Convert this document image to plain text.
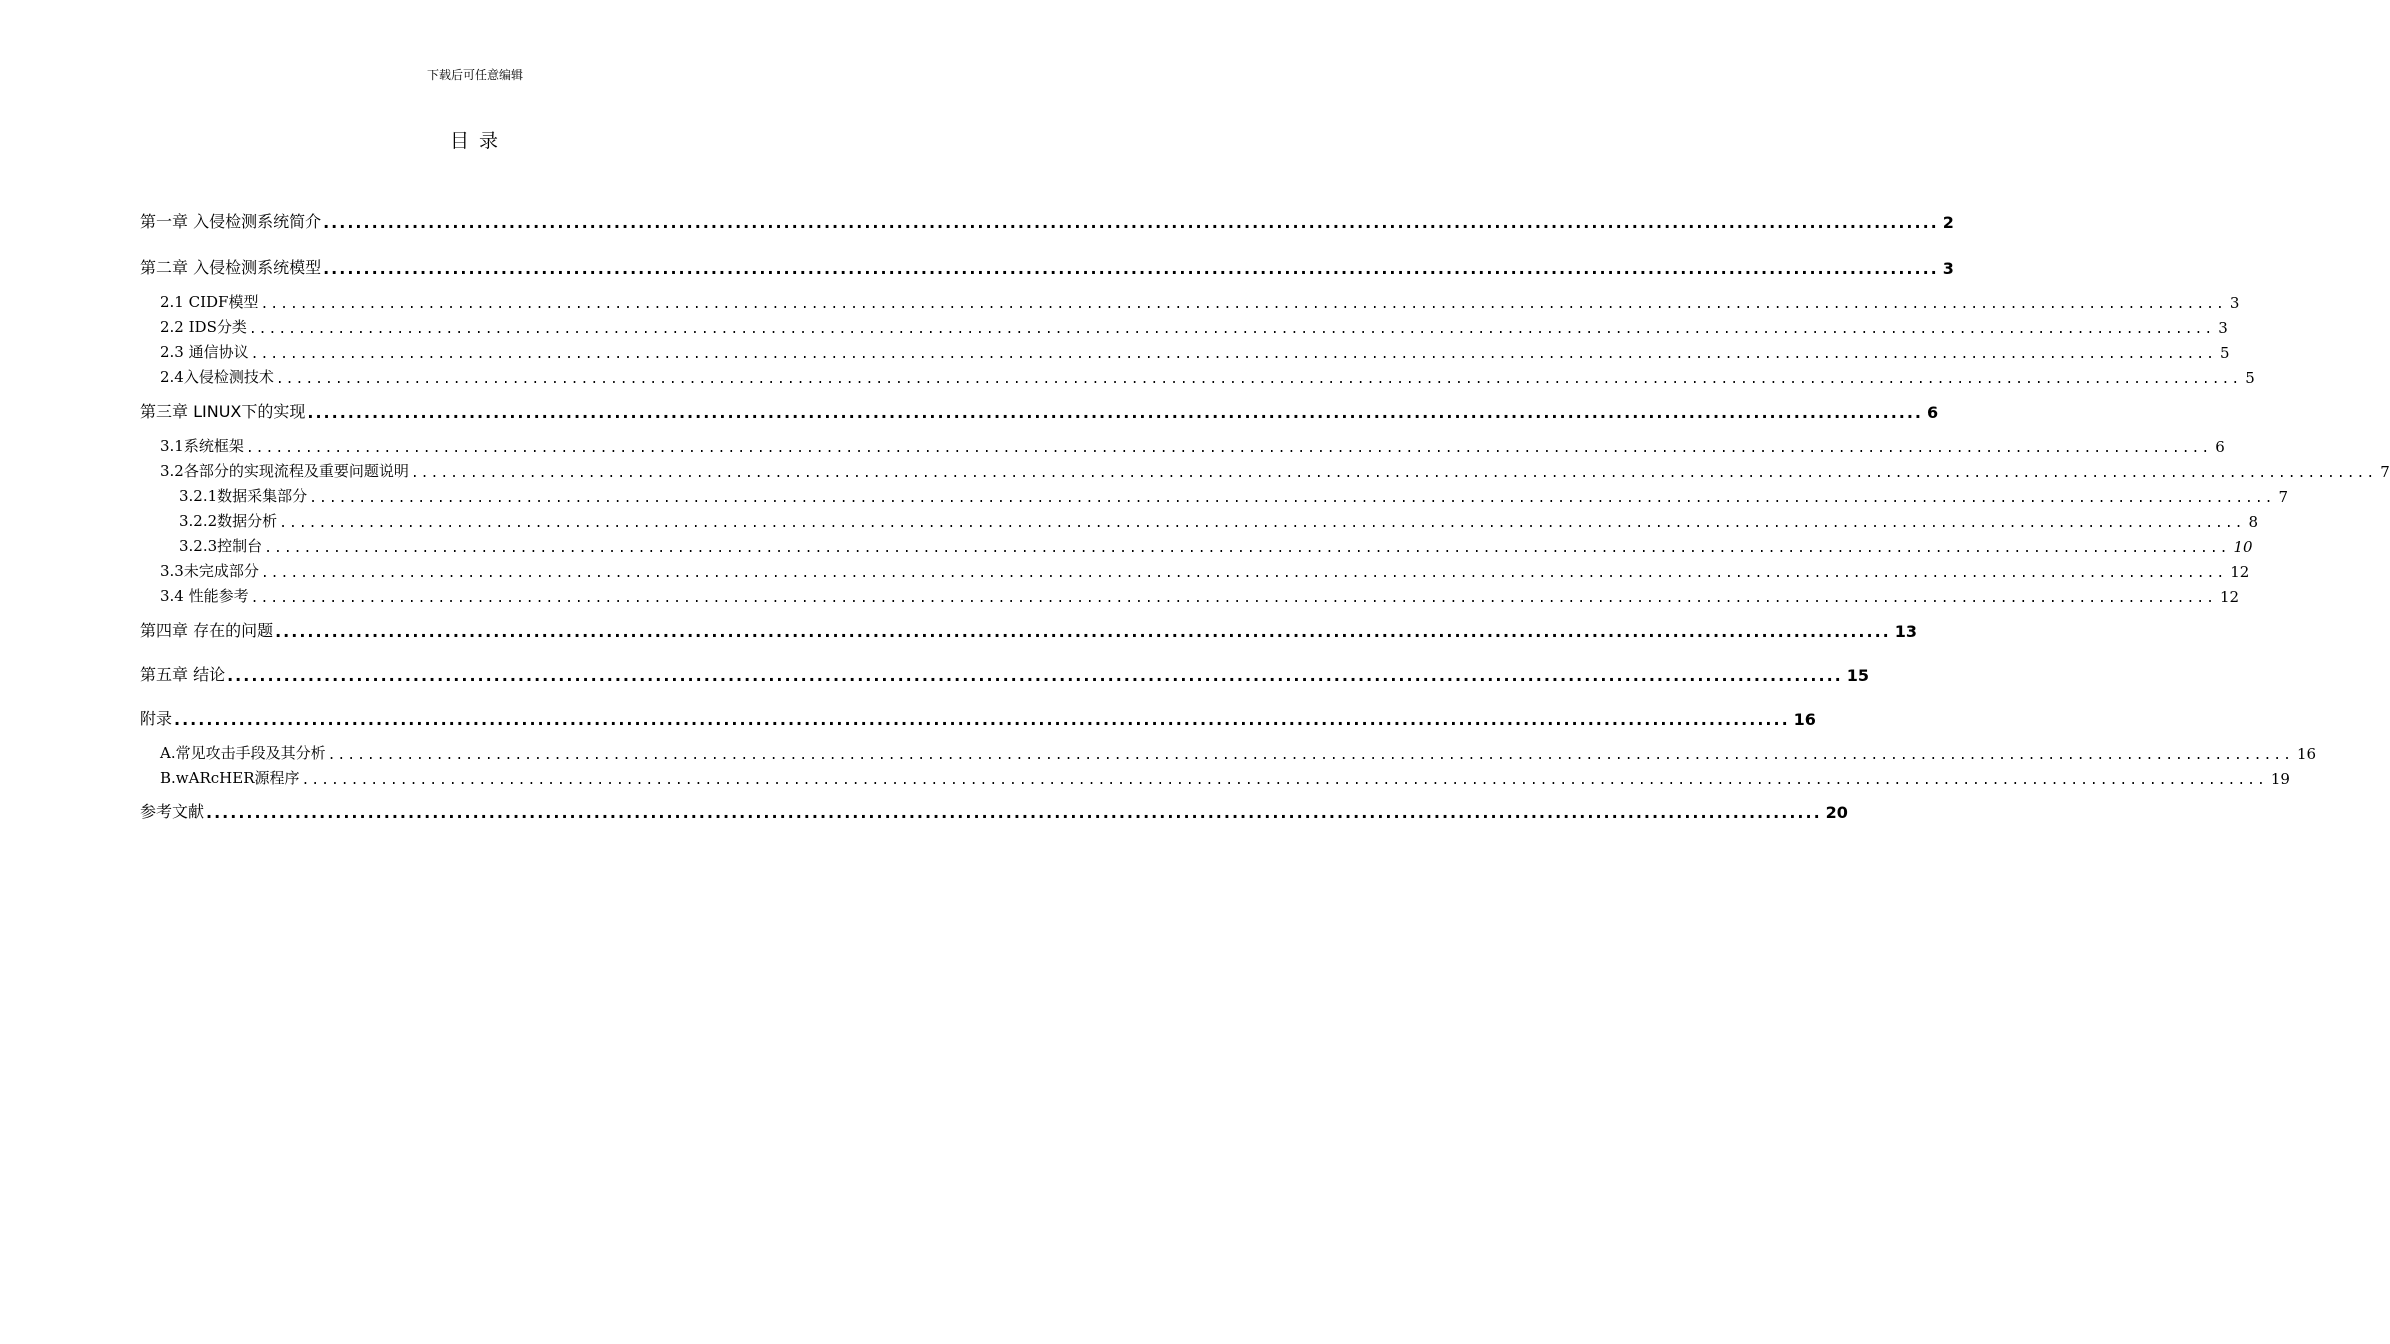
下载后可任意编辑
目 录
第一章 入侵检测系统简介 ........................................................................................................................................................................................................ 2
第二章 入侵检测系统模型 ........................................................................................................................................................................................................ 3
2.1 CIDF模型 ........................................................................................................................................................................................................ 3
2.2 IDS分类 ........................................................................................................................................................................................................ 3
2.3 通信协议 ........................................................................................................................................................................................................ 5
2.4入侵检测技术 ........................................................................................................................................................................................................ 5
第三章 LINUX下的实现 ........................................................................................................................................................................................................ 6
3.1系统框架 ........................................................................................................................................................................................................ 6
3.2各部分的实现流程及重要问题说明 ........................................................................................................................................................................................................ 7
3.2.1数据采集部分 ........................................................................................................................................................................................................ 7
3.2.2数据分析 ........................................................................................................................................................................................................ 8
3.2.3控制台 ........................................................................................................................................................................................................ 10
3.3未完成部分 ........................................................................................................................................................................................................ 12
3.4 性能参考 ........................................................................................................................................................................................................ 12
第四章 存在的问题 ........................................................................................................................................................................................................ 13
第五章 结论 ........................................................................................................................................................................................................ 15
附录 ........................................................................................................................................................................................................ 16
A.常见攻击手段及其分析 ........................................................................................................................................................................................................ 16
B.wARcHER源程序 ........................................................................................................................................................................................................ 19
参考文献 ........................................................................................................................................................................................................ 20
